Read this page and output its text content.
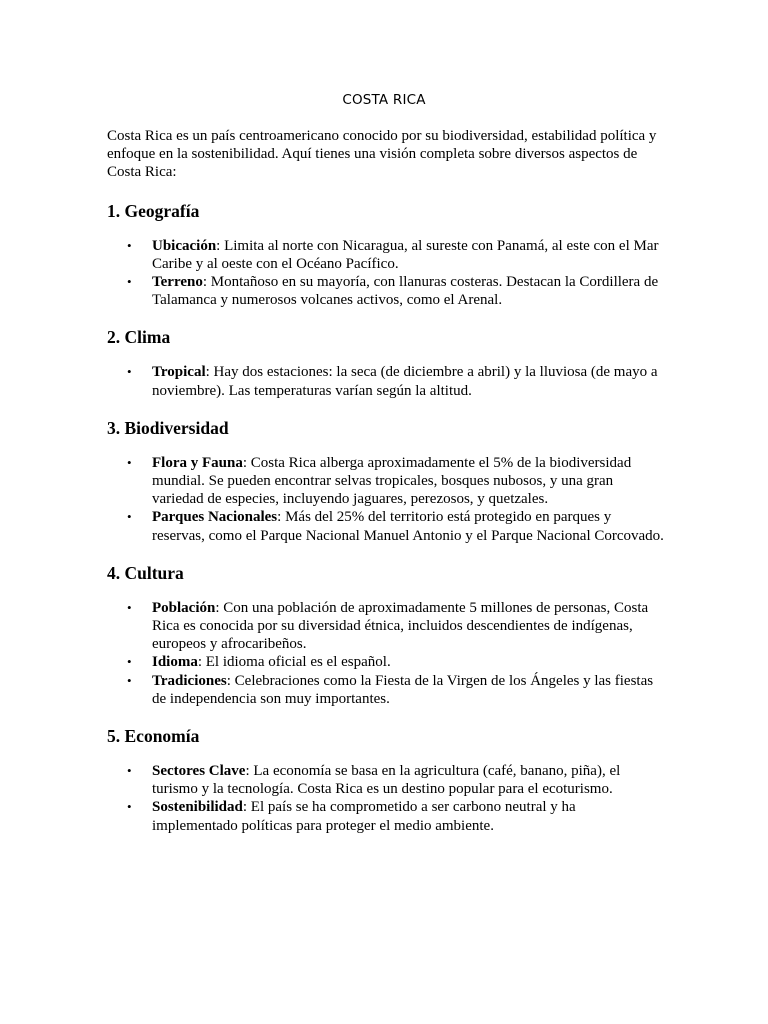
COSTA RICA

Costa Rica es un país centroamericano conocido por su biodiversidad, estabilidad política y enfoque en la sostenibilidad. Aquí tienes una visión completa sobre diversos aspectos de Costa Rica:

1. Geografía
• Ubicación: Limita al norte con Nicaragua, al sureste con Panamá, al este con el Mar Caribe y al oeste con el Océano Pacífico.
• Terreno: Montañoso en su mayoría, con llanuras costeras. Destacan la Cordillera de Talamanca y numerosos volcanes activos, como el Arenal.
2. Clima
• Tropical: Hay dos estaciones: la seca (de diciembre a abril) y la lluviosa (de mayo a noviembre). Las temperaturas varían según la altitud.
3. Biodiversidad
• Flora y Fauna: Costa Rica alberga aproximadamente el 5% de la biodiversidad mundial. Se pueden encontrar selvas tropicales, bosques nubosos, y una gran variedad de especies, incluyendo jaguares, perezosos, y quetzales.
• Parques Nacionales: Más del 25% del territorio está protegido en parques y reservas, como el Parque Nacional Manuel Antonio y el Parque Nacional Corcovado.
4. Cultura
• Población: Con una población de aproximadamente 5 millones de personas, Costa Rica es conocida por su diversidad étnica, incluidos descendientes de indígenas, europeos y afrocaribeños.
• Idioma: El idioma oficial es el español.
• Tradiciones: Celebraciones como la Fiesta de la Virgen de los Ángeles y las fiestas de independencia son muy importantes.
5. Economía
• Sectores Clave: La economía se basa en la agricultura (café, banano, piña), el turismo y la tecnología. Costa Rica es un destino popular para el ecoturismo.
• Sostenibilidad: El país se ha comprometido a ser carbono neutral y ha implementado políticas para proteger el medio ambiente.
